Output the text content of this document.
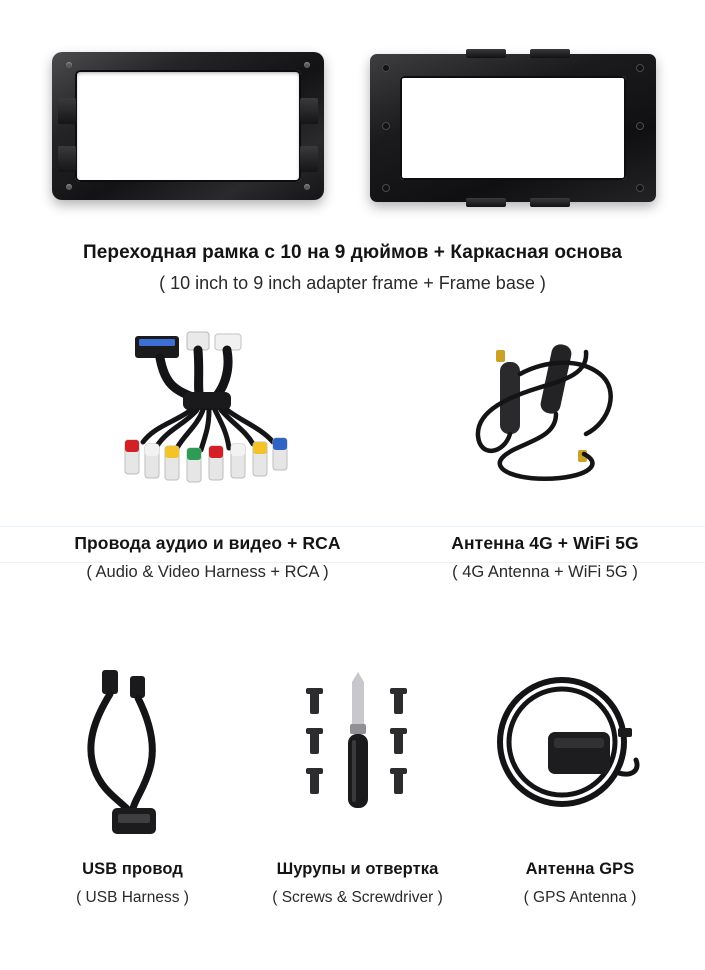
Переходная рамка с 10 на 9 дюймов + Каркасная основа
( 10 inch to 9 inch adapter frame + Frame base )
Провода аудио и видео + RCA
( Audio & Video Harness + RCA )
Антенна 4G + WiFi 5G
( 4G Antenna + WiFi 5G )
USB провод
( USB Harness )
Шурупы и отвертка
( Screws & Screwdriver )
Антенна GPS
( GPS Antenna )
